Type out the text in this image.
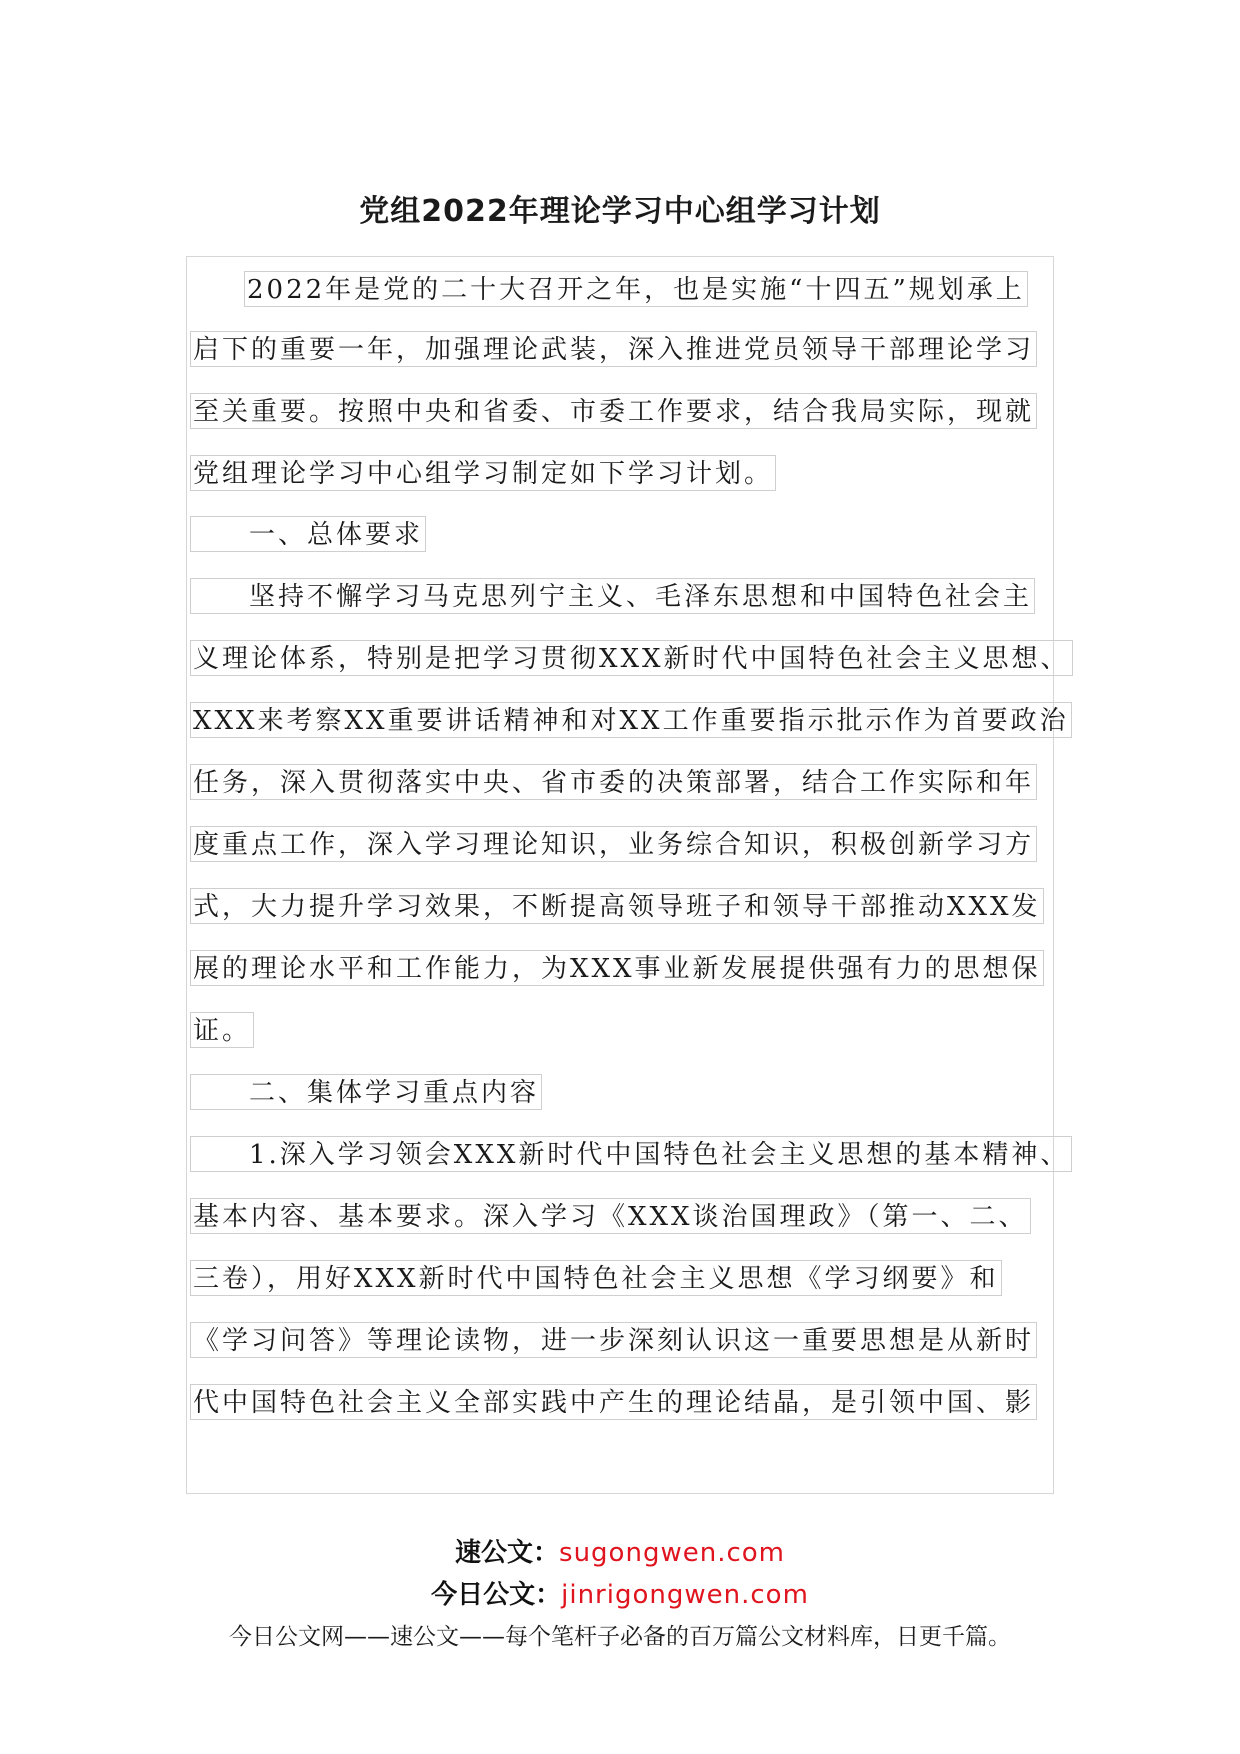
党组2022年理论学习中心组学习计划
2022年是党的二十大召开之年，也是实施“十四五”规划承上
启下的重要一年，加强理论武装，深入推进党员领导干部理论学习
至关重要。按照中央和省委、市委工作要求，结合我局实际，现就
党组理论学习中心组学习制定如下学习计划。
一、总体要求
坚持不懈学习马克思列宁主义、毛泽东思想和中国特色社会主
义理论体系，特别是把学习贯彻XXX新时代中国特色社会主义思想、
XXX来考察XX重要讲话精神和对XX工作重要指示批示作为首要政治
任务，深入贯彻落实中央、省市委的决策部署，结合工作实际和年
度重点工作，深入学习理论知识，业务综合知识，积极创新学习方
式，大力提升学习效果，不断提高领导班子和领导干部推动XXX发
展的理论水平和工作能力，为XXX事业新发展提供强有力的思想保
证。
二、集体学习重点内容
1.深入学习领会XXX新时代中国特色社会主义思想的基本精神、
基本内容、基本要求。深入学习《XXX谈治国理政》（第一、二、
三卷），用好XXX新时代中国特色社会主义思想《学习纲要》和
《学习问答》等理论读物，进一步深刻认识这一重要思想是从新时
代中国特色社会主义全部实践中产生的理论结晶，是引领中国、影
速公文：sugongwen.com
今日公文：jinrigongwen.com
今日公文网——速公文——每个笔杆子必备的百万篇公文材料库，日更千篇。
